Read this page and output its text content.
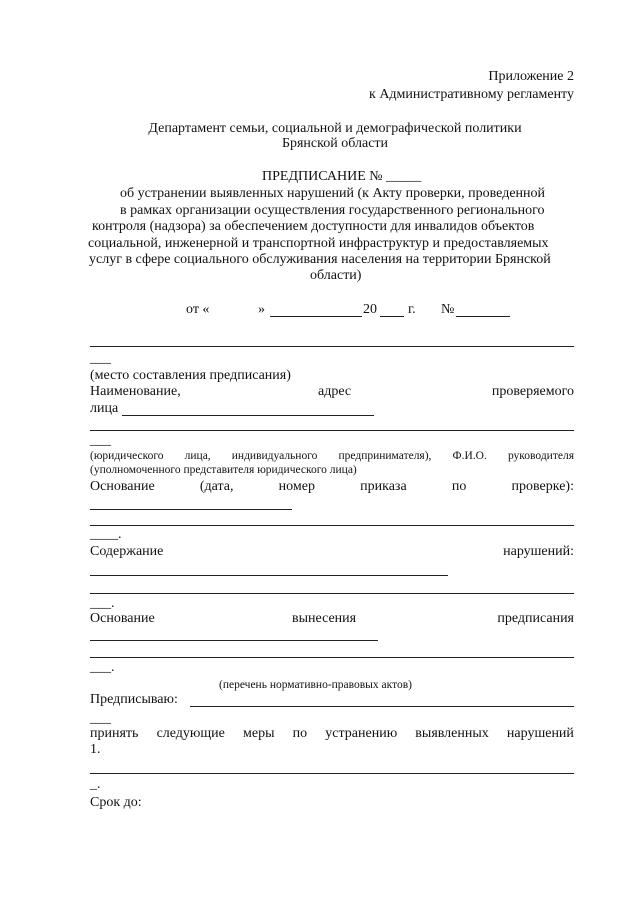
Приложение 2
к Административному регламенту
Департамент семьи, социальной и демографической политики
Брянской области
ПРЕДПИСАНИЕ № _____
об устранении выявленных нарушений (к Акту проверки, проведенной
в рамках организации осуществления государственного регионального
контроля (надзора) за обеспечением доступности для инвалидов объектов
социальной, инженерной и транспортной инфраструктур и предоставляемых
услуг в сфере социального обслуживания населения на территории Брянской
области)
от «	»	20 г. №
___
(место составления предписания)
Наименование,	адрес	проверяемого
лица
___
(юридического лица, индивидуального предпринимателя), Ф.И.О. руководителя
(уполномоченного представителя юридического лица)
Основание	(дата,	номер	приказа	по	проверке):
____.
Содержание	нарушений:
___.
Основание	вынесения	предписания
___.
(перечень нормативно-правовых актов)
Предписываю:
___
принять следующие меры по устранению выявленных нарушений
1.
_.
Срок до:
